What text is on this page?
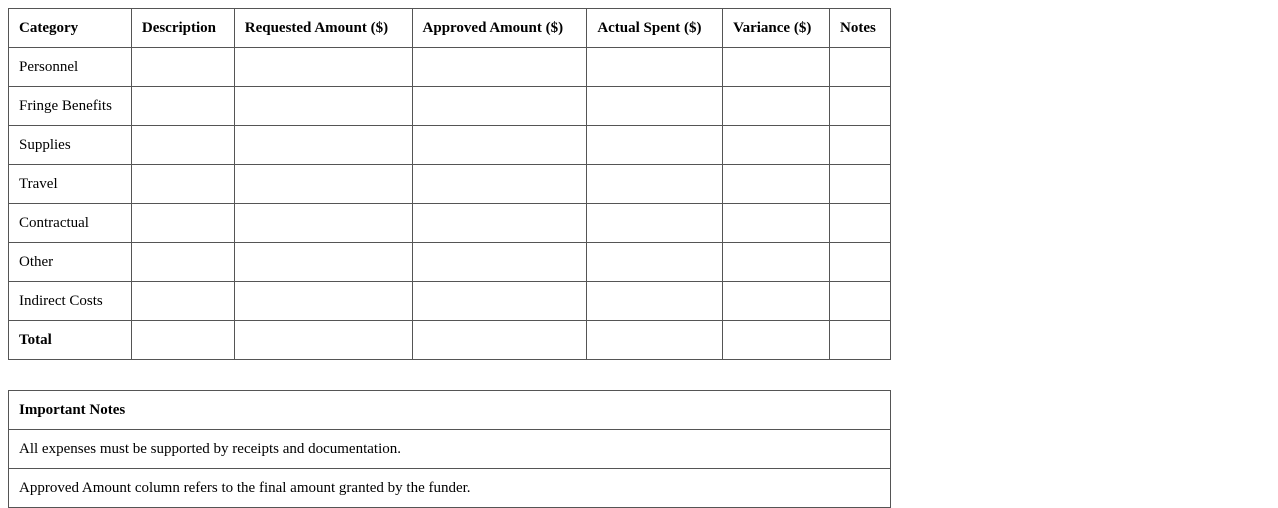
Category	Description	Requested Amount ($)	Approved Amount ($)	Actual Spent ($)	Variance ($)	Notes
Personnel						
Fringe Benefits						
Supplies						
Travel						
Contractual						
Other						
Indirect Costs						
Total						
Important Notes
All expenses must be supported by receipts and documentation.
Approved Amount column refers to the final amount granted by the funder.
